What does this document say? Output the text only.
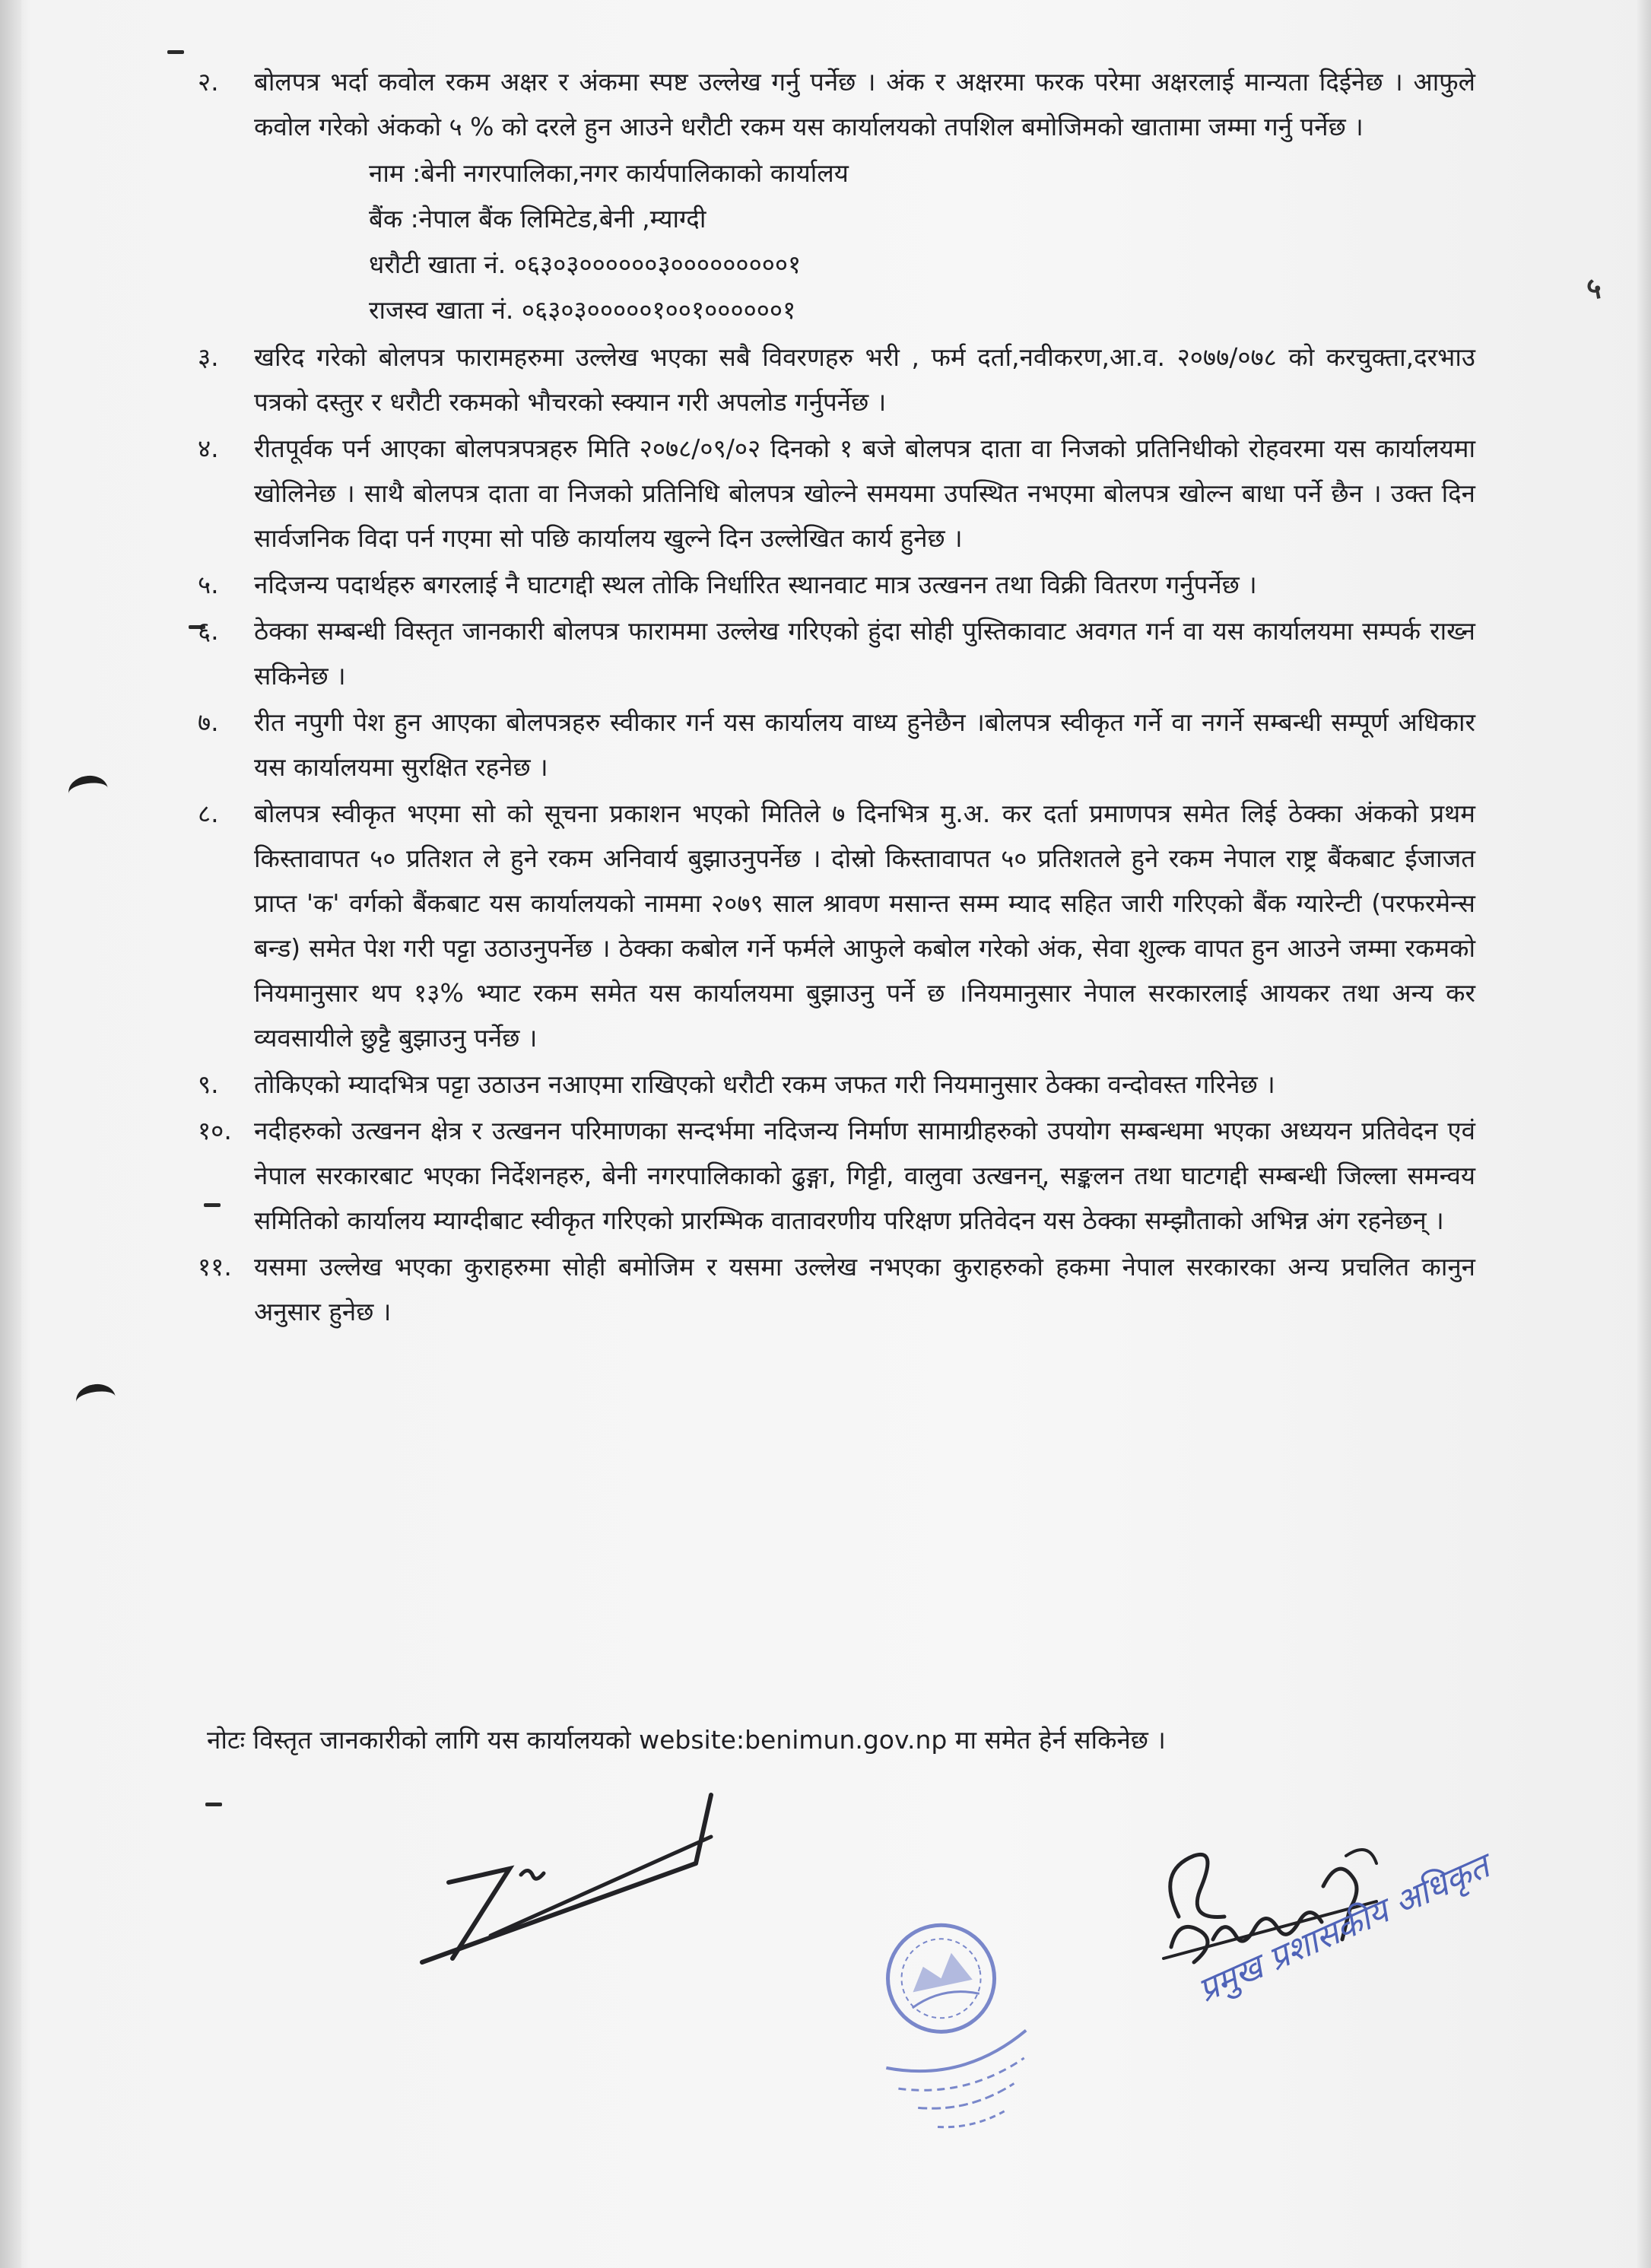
५
२. बोलपत्र भर्दा कवोल रकम अक्षर र अंकमा स्पष्ट उल्लेख गर्नु पर्नेछ । अंक र अक्षरमा फरक परेमा अक्षरलाई मान्यता दिईनेछ । आफुले कवोल गरेको अंकको ५ % को दरले हुन आउने धरौटी रकम यस कार्यालयको तपशिल बमोजिमको खातामा जम्मा गर्नु पर्नेछ ।
नाम :बेनी नगरपालिका,नगर कार्यपालिकाको कार्यालय
बैंक :नेपाल बैंक लिमिटेड,बेनी ,म्याग्दी
धरौटी खाता नं. ०६३०३००००००३०००००००००१
राजस्व खाता नं. ०६३०३०००००१००१००००००१
३. खरिद गरेको बोलपत्र फारामहरुमा उल्लेख भएका सबै विवरणहरु भरी , फर्म दर्ता,नवीकरण,आ.व. २०७७/०७८ को करचुक्ता,दरभाउ पत्रको दस्तुर र धरौटी रकमको भौचरको स्क्यान गरी अपलोड गर्नुपर्नेछ ।
४. रीतपूर्वक पर्न आएका बोलपत्रपत्रहरु मिति २०७८/०९/०२ दिनको १ बजे बोलपत्र दाता वा निजको प्रतिनिधीको रोहवरमा यस कार्यालयमा खोलिनेछ । साथै बोलपत्र दाता वा निजको प्रतिनिधि बोलपत्र खोल्ने समयमा उपस्थित नभएमा बोलपत्र खोल्न बाधा पर्ने छैन । उक्त दिन सार्वजनिक विदा पर्न गएमा सो पछि कार्यालय खुल्ने दिन उल्लेखित कार्य हुनेछ ।
५. नदिजन्य पदार्थहरु बगरलाई नै घाटगद्दी स्थल तोकि निर्धारित स्थानवाट मात्र उत्खनन तथा विक्री वितरण गर्नुपर्नेछ ।
६. ठेक्का सम्बन्धी विस्तृत जानकारी बोलपत्र फाराममा उल्लेख गरिएको हुंदा सोही पुस्तिकावाट अवगत गर्न वा यस कार्यालयमा सम्पर्क राख्न सकिनेछ ।
७. रीत नपुगी पेश हुन आएका बोलपत्रहरु स्वीकार गर्न यस कार्यालय वाध्य हुनेछैन ।बोलपत्र स्वीकृत गर्ने वा नगर्ने सम्बन्धी सम्पूर्ण अधिकार यस कार्यालयमा सुरक्षित रहनेछ ।
८. बोलपत्र स्वीकृत भएमा सो को सूचना प्रकाशन भएको मितिले ७ दिनभित्र मु.अ. कर दर्ता प्रमाणपत्र समेत लिई ठेक्का अंकको प्रथम किस्तावापत ५० प्रतिशत ले हुने रकम अनिवार्य बुझाउनुपर्नेछ । दोस्रो किस्तावापत ५० प्रतिशतले हुने रकम नेपाल राष्ट्र बैंकबाट ईजाजत प्राप्त 'क' वर्गको बैंकबाट यस कार्यालयको नाममा २०७९ साल श्रावण मसान्त सम्म म्याद सहित जारी गरिएको बैंक ग्यारेन्टी (परफरमेन्स बन्ड) समेत पेश गरी पट्टा उठाउनुपर्नेछ । ठेक्का कबोल गर्ने फर्मले आफुले कबोल गरेको अंक, सेवा शुल्क वापत हुन आउने जम्मा रकमको नियमानुसार थप १३% भ्याट रकम समेत यस कार्यालयमा बुझाउनु पर्ने छ ।नियमानुसार नेपाल सरकारलाई आयकर तथा अन्य कर व्यवसायीले छुट्टै बुझाउनु पर्नेछ ।
९. तोकिएको म्यादभित्र पट्टा उठाउन नआएमा राखिएको धरौटी रकम जफत गरी नियमानुसार ठेक्का वन्दोवस्त गरिनेछ ।
१०. नदीहरुको उत्खनन क्षेत्र र उत्खनन परिमाणका सन्दर्भमा नदिजन्य निर्माण सामाग्रीहरुको उपयोग सम्बन्धमा भएका अध्ययन प्रतिवेदन एवं नेपाल सरकारबाट भएका निर्देशनहरु, बेनी नगरपालिकाको ढुङ्गा, गिट्टी, वालुवा उत्खनन्, सङ्कलन तथा घाटगद्दी सम्बन्धी जिल्ला समन्वय समितिको कार्यालय म्याग्दीबाट स्वीकृत गरिएको प्रारम्भिक वातावरणीय परिक्षण प्रतिवेदन यस ठेक्का सम्झौताको अभिन्न अंग रहनेछन् ।
११. यसमा उल्लेख भएका कुराहरुमा सोही बमोजिम र यसमा उल्लेख नभएका कुराहरुको हकमा नेपाल सरकारका अन्य प्रचलित कानुन अनुसार हुनेछ ।
नोटः विस्तृत जानकारीको लागि यस कार्यालयको website:benimun.gov.np मा समेत हेर्न सकिनेछ ।
प्रमुख प्रशासकीय अधिकृत
